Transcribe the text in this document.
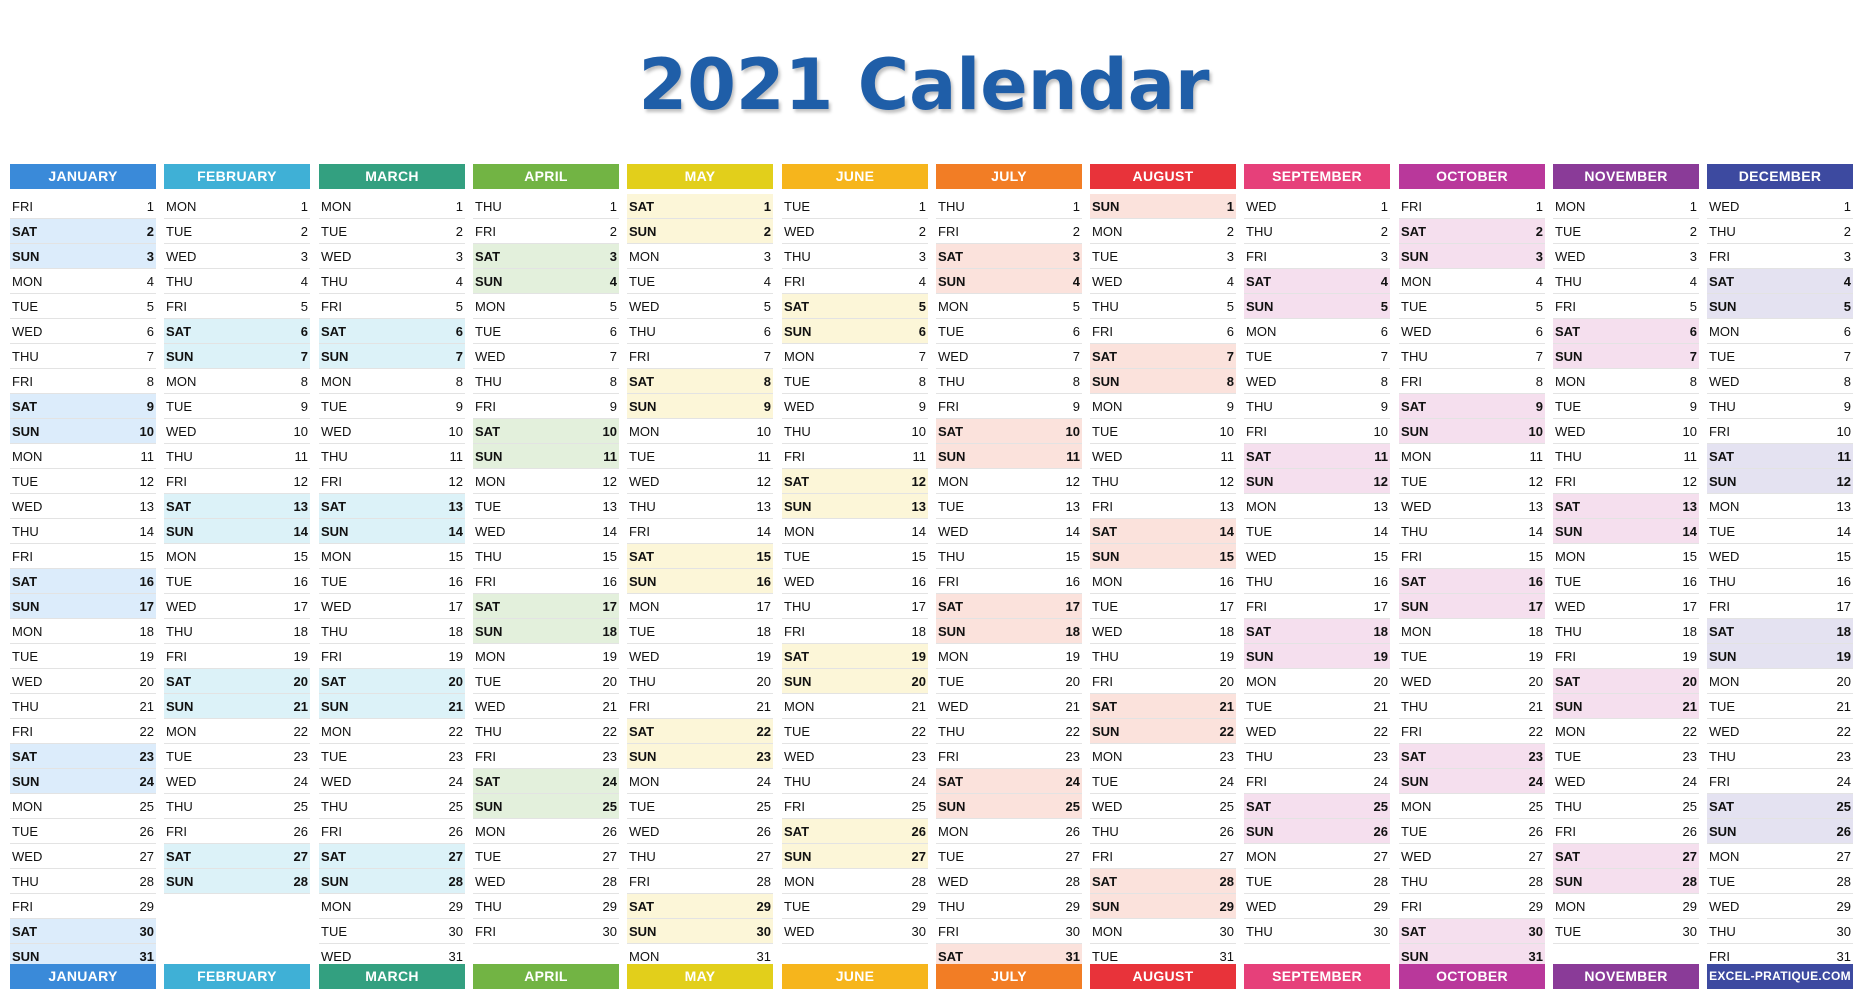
2021 Calendar
JANUARY
FRI	1
SAT	2
SUN	3
MON	4
TUE	5
WED	6
THU	7
FRI	8
SAT	9
SUN	10
MON	11
TUE	12
WED	13
THU	14
FRI	15
SAT	16
SUN	17
MON	18
TUE	19
WED	20
THU	21
FRI	22
SAT	23
SUN	24
MON	25
TUE	26
WED	27
THU	28
FRI	29
SAT	30
SUN	31
JANUARY
FEBRUARY
MON	1
TUE	2
WED	3
THU	4
FRI	5
SAT	6
SUN	7
MON	8
TUE	9
WED	10
THU	11
FRI	12
SAT	13
SUN	14
MON	15
TUE	16
WED	17
THU	18
FRI	19
SAT	20
SUN	21
MON	22
TUE	23
WED	24
THU	25
FRI	26
SAT	27
SUN	28
FEBRUARY
MARCH
MON	1
TUE	2
WED	3
THU	4
FRI	5
SAT	6
SUN	7
MON	8
TUE	9
WED	10
THU	11
FRI	12
SAT	13
SUN	14
MON	15
TUE	16
WED	17
THU	18
FRI	19
SAT	20
SUN	21
MON	22
TUE	23
WED	24
THU	25
FRI	26
SAT	27
SUN	28
MON	29
TUE	30
WED	31
MARCH
APRIL
THU	1
FRI	2
SAT	3
SUN	4
MON	5
TUE	6
WED	7
THU	8
FRI	9
SAT	10
SUN	11
MON	12
TUE	13
WED	14
THU	15
FRI	16
SAT	17
SUN	18
MON	19
TUE	20
WED	21
THU	22
FRI	23
SAT	24
SUN	25
MON	26
TUE	27
WED	28
THU	29
FRI	30
APRIL
MAY
SAT	1
SUN	2
MON	3
TUE	4
WED	5
THU	6
FRI	7
SAT	8
SUN	9
MON	10
TUE	11
WED	12
THU	13
FRI	14
SAT	15
SUN	16
MON	17
TUE	18
WED	19
THU	20
FRI	21
SAT	22
SUN	23
MON	24
TUE	25
WED	26
THU	27
FRI	28
SAT	29
SUN	30
MON	31
MAY
JUNE
TUE	1
WED	2
THU	3
FRI	4
SAT	5
SUN	6
MON	7
TUE	8
WED	9
THU	10
FRI	11
SAT	12
SUN	13
MON	14
TUE	15
WED	16
THU	17
FRI	18
SAT	19
SUN	20
MON	21
TUE	22
WED	23
THU	24
FRI	25
SAT	26
SUN	27
MON	28
TUE	29
WED	30
JUNE
JULY
THU	1
FRI	2
SAT	3
SUN	4
MON	5
TUE	6
WED	7
THU	8
FRI	9
SAT	10
SUN	11
MON	12
TUE	13
WED	14
THU	15
FRI	16
SAT	17
SUN	18
MON	19
TUE	20
WED	21
THU	22
FRI	23
SAT	24
SUN	25
MON	26
TUE	27
WED	28
THU	29
FRI	30
SAT	31
JULY
AUGUST
SUN	1
MON	2
TUE	3
WED	4
THU	5
FRI	6
SAT	7
SUN	8
MON	9
TUE	10
WED	11
THU	12
FRI	13
SAT	14
SUN	15
MON	16
TUE	17
WED	18
THU	19
FRI	20
SAT	21
SUN	22
MON	23
TUE	24
WED	25
THU	26
FRI	27
SAT	28
SUN	29
MON	30
TUE	31
AUGUST
SEPTEMBER
WED	1
THU	2
FRI	3
SAT	4
SUN	5
MON	6
TUE	7
WED	8
THU	9
FRI	10
SAT	11
SUN	12
MON	13
TUE	14
WED	15
THU	16
FRI	17
SAT	18
SUN	19
MON	20
TUE	21
WED	22
THU	23
FRI	24
SAT	25
SUN	26
MON	27
TUE	28
WED	29
THU	30
SEPTEMBER
OCTOBER
FRI	1
SAT	2
SUN	3
MON	4
TUE	5
WED	6
THU	7
FRI	8
SAT	9
SUN	10
MON	11
TUE	12
WED	13
THU	14
FRI	15
SAT	16
SUN	17
MON	18
TUE	19
WED	20
THU	21
FRI	22
SAT	23
SUN	24
MON	25
TUE	26
WED	27
THU	28
FRI	29
SAT	30
SUN	31
OCTOBER
NOVEMBER
MON	1
TUE	2
WED	3
THU	4
FRI	5
SAT	6
SUN	7
MON	8
TUE	9
WED	10
THU	11
FRI	12
SAT	13
SUN	14
MON	15
TUE	16
WED	17
THU	18
FRI	19
SAT	20
SUN	21
MON	22
TUE	23
WED	24
THU	25
FRI	26
SAT	27
SUN	28
MON	29
TUE	30
NOVEMBER
DECEMBER
WED	1
THU	2
FRI	3
SAT	4
SUN	5
MON	6
TUE	7
WED	8
THU	9
FRI	10
SAT	11
SUN	12
MON	13
TUE	14
WED	15
THU	16
FRI	17
SAT	18
SUN	19
MON	20
TUE	21
WED	22
THU	23
FRI	24
SAT	25
SUN	26
MON	27
TUE	28
WED	29
THU	30
FRI	31
EXCEL-PRATIQUE.COM
